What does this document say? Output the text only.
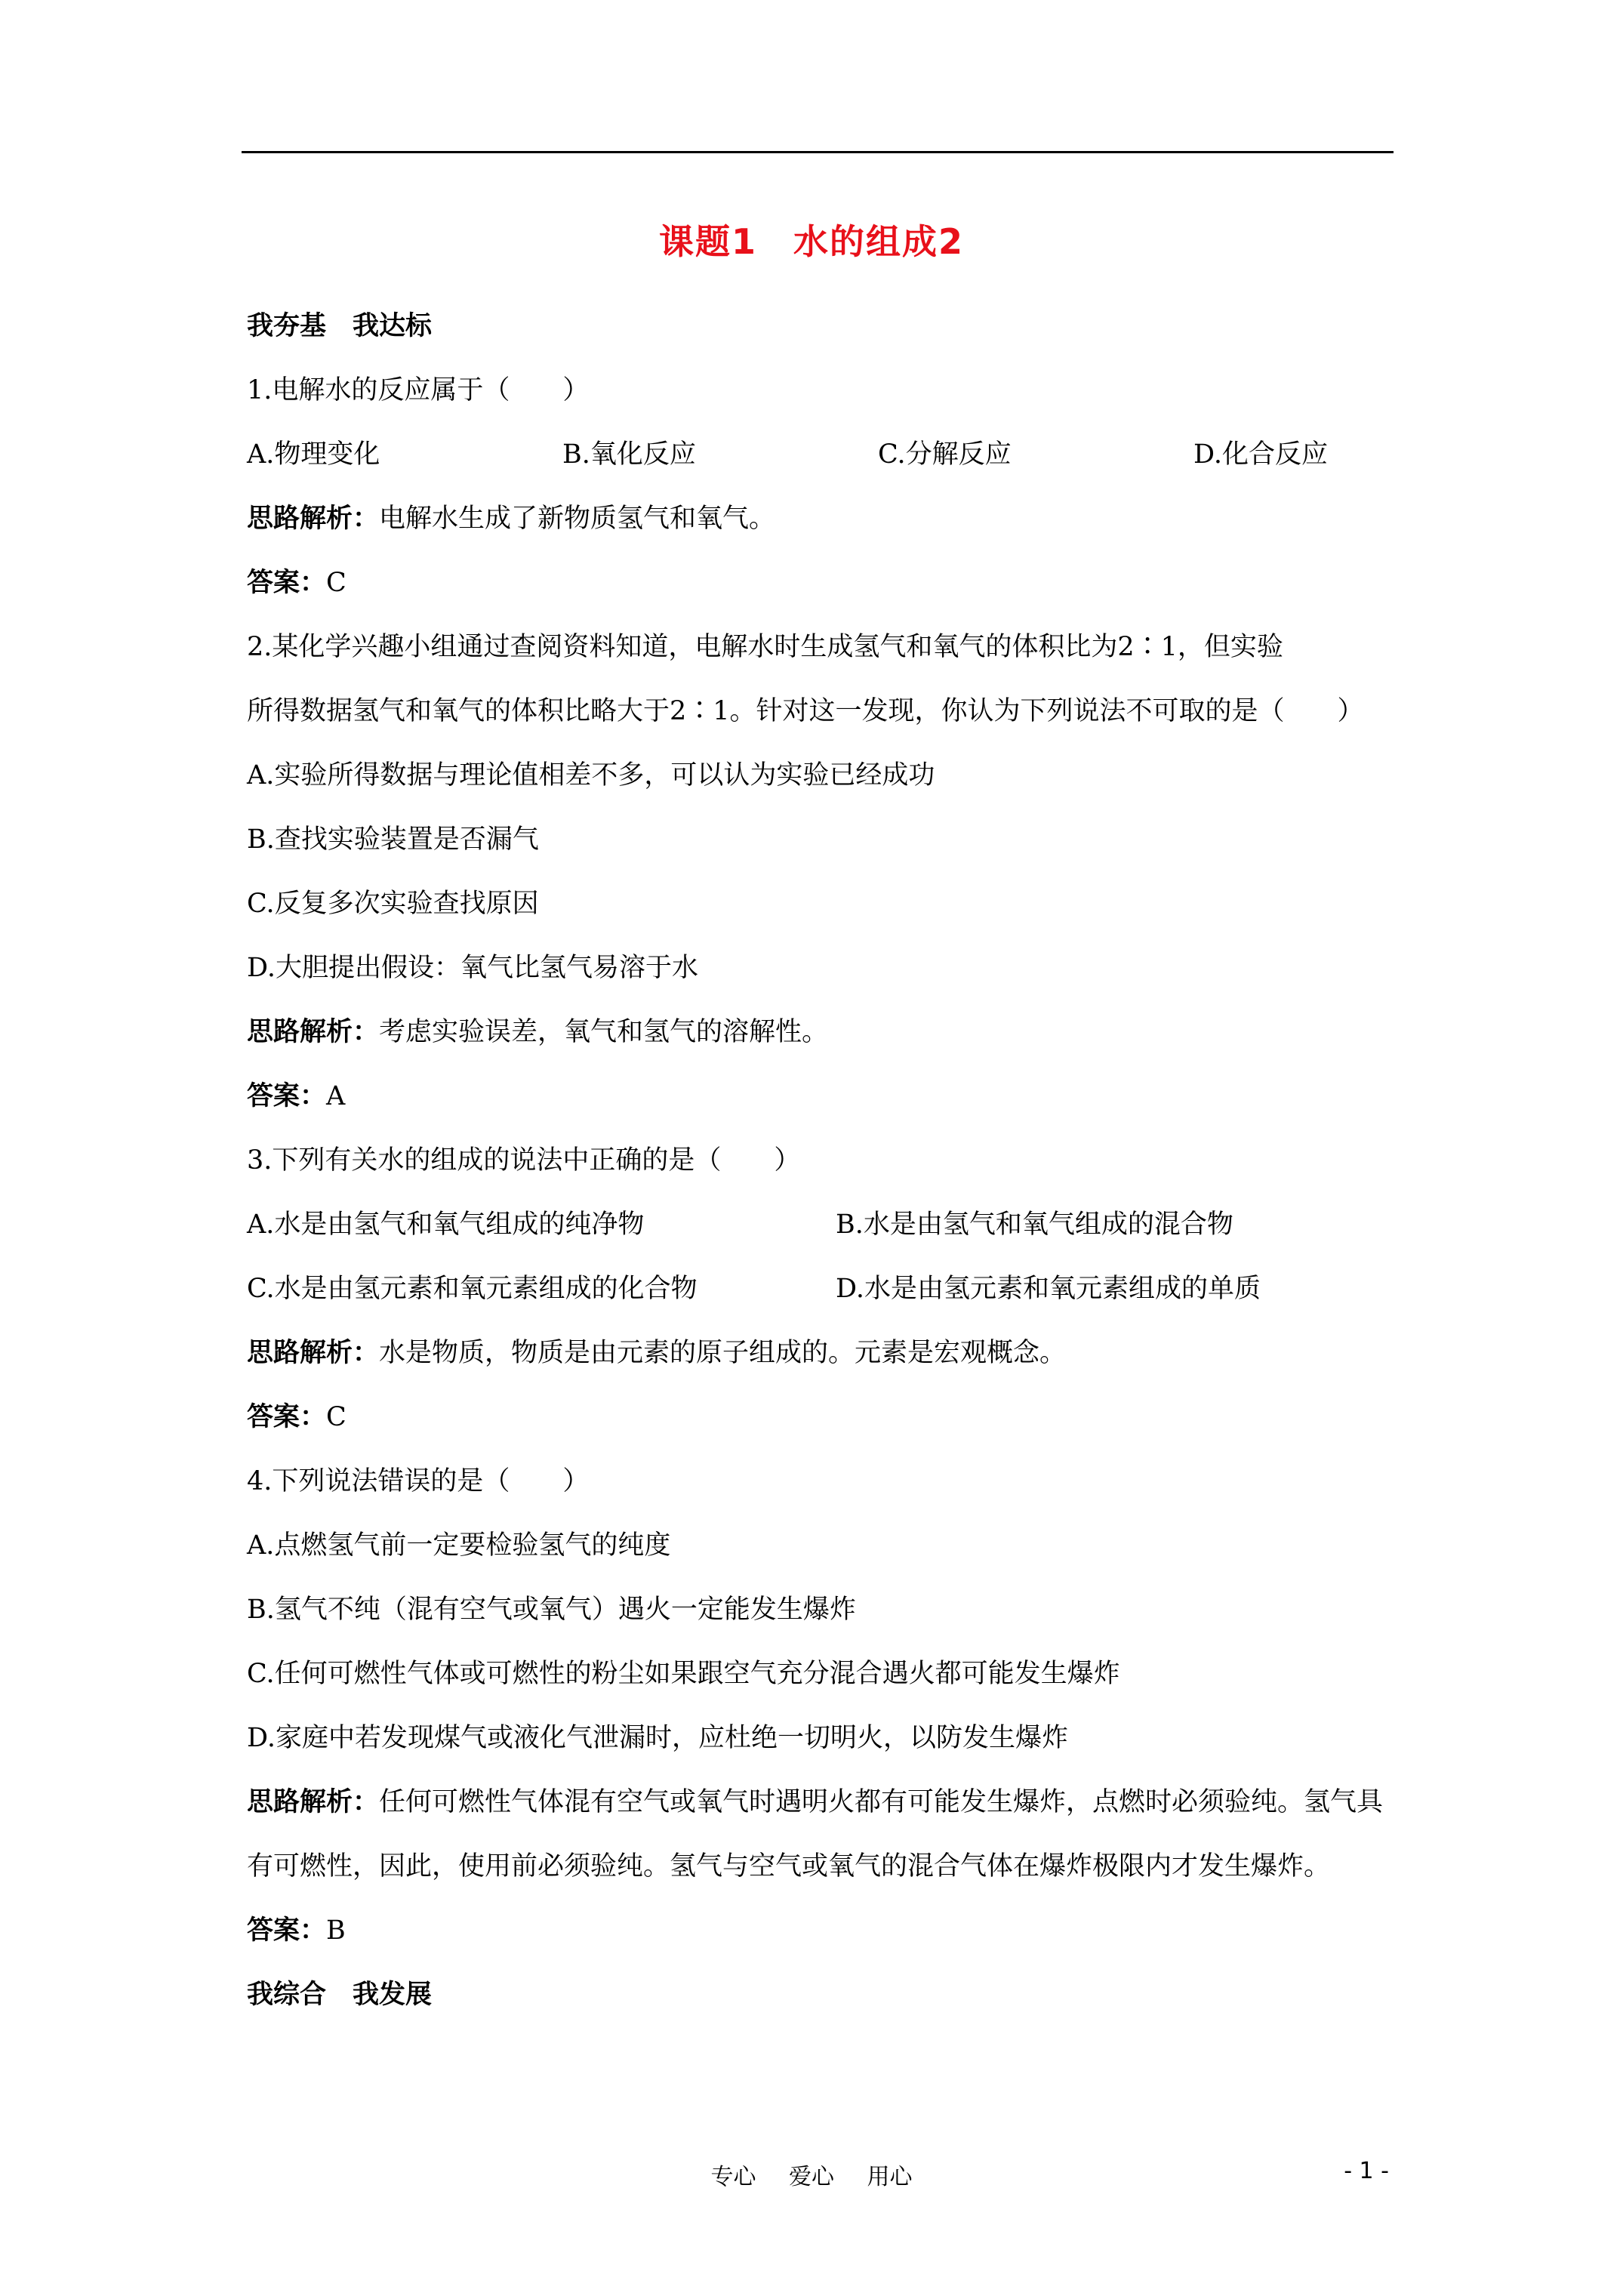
课题1　水的组成2
我夯基　我达标
1.电解水的反应属于（　　）
A.物理变化	B.氧化反应	C.分解反应	D.化合反应
思路解析：电解水生成了新物质氢气和氧气。
答案：C
2.某化学兴趣小组通过查阅资料知道，电解水时生成氢气和氧气的体积比为2∶1，但实验
所得数据氢气和氧气的体积比略大于2∶1。针对这一发现，你认为下列说法不可取的是（　　）
A.实验所得数据与理论值相差不多，可以认为实验已经成功
B.查找实验装置是否漏气
C.反复多次实验查找原因
D.大胆提出假设：氧气比氢气易溶于水
思路解析：考虑实验误差，氧气和氢气的溶解性。
答案：A
3.下列有关水的组成的说法中正确的是（　　）
A.水是由氢气和氧气组成的纯净物	B.水是由氢气和氧气组成的混合物
C.水是由氢元素和氧元素组成的化合物	D.水是由氢元素和氧元素组成的单质
思路解析：水是物质，物质是由元素的原子组成的。元素是宏观概念。
答案：C
4.下列说法错误的是（　　）
A.点燃氢气前一定要检验氢气的纯度
B.氢气不纯（混有空气或氧气）遇火一定能发生爆炸
C.任何可燃性气体或可燃性的粉尘如果跟空气充分混合遇火都可能发生爆炸
D.家庭中若发现煤气或液化气泄漏时，应杜绝一切明火，以防发生爆炸
思路解析：任何可燃性气体混有空气或氧气时遇明火都有可能发生爆炸，点燃时必须验纯。氢气具有可燃性，因此，使用前必须验纯。氢气与空气或氧气的混合气体在爆炸极限内才发生爆炸。
答案：B
我综合　我发展
专心 爱心 用心	- 1 -
